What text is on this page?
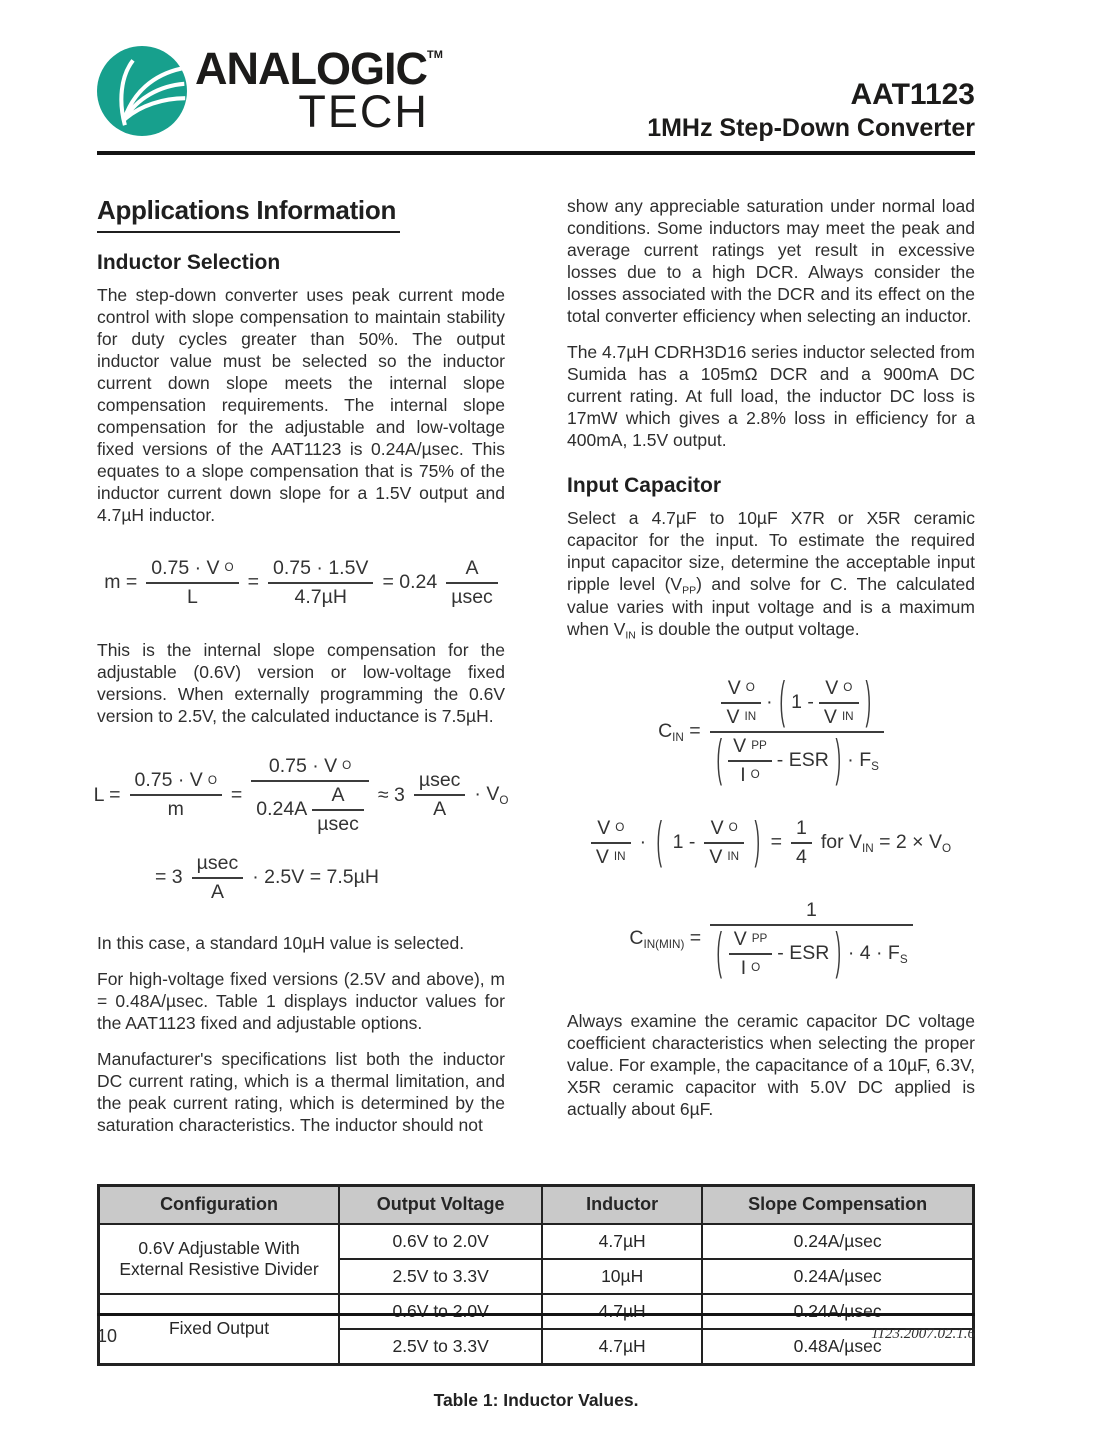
ANALOGIC™
TECH	AAT1123
1MHz Step-Down Converter
Applications Information
Inductor Selection

The step-down converter uses peak current mode control with slope compensation to maintain stability for duty cycles greater than 50%. The output inductor value must be selected so the inductor current down slope meets the internal slope compensation requirements. The internal slope compensation for the adjustable and low-voltage fixed versions of the AAT1123 is 0.24A/µsec. This equates to a slope compensation that is 75% of the inductor current down slope for a 1.5V output and 4.7µH inductor.

$m = \frac{\text{0.75 · V O}}{L} = \frac{0.75 \cdot 1.5V}{\text{4.7µH}} = 0.24 \frac{A}{\text{µsec}}$

This is the internal slope compensation for the adjustable (0.6V) version or low-voltage fixed versions. When externally programming the 0.6V version to 2.5V, the calculated inductance is 7.5µH.

$L = \frac{\text{0.75 · V O}}{m}$ =
0.75 · V O
$0.24A \frac{A}{\text{µsec}} \approx 3 \frac{\text{µsec}}{A} \cdot V_O$
= $3 \frac{\text{µsec}}{A} \cdot 2.5V = 7.5\mu H$

In this case, a standard 10µH value is selected.

For high-voltage fixed versions (2.5V and above), m = 0.48A/µsec. Table 1 displays inductor values for the AAT1123 fixed and adjustable options.

Manufacturer's specifications list both the inductor DC current rating, which is a thermal limitation, and the peak current rating, which is determined by the saturation characteristics. The inductor should not

show any appreciable saturation under normal load conditions. Some inductors may meet the peak and average current ratings yet result in excessive losses due to a high DCR. Always consider the losses associated with the DCR and its effect on the total converter efficiency when selecting an inductor.

The 4.7µH CDRH3D16 series inductor selected from Sumida has a 105mΩ DCR and a 900mA DC current rating. At full load, the inductor DC loss is 17mW which gives a 2.8% loss in efficiency for a 400mA, 1.5V output.

Input Capacitor

Select a 4.7µF to 10µF X7R or X5R ceramic capacitor for the input. To estimate the required input capacitor size, determine the acceptable input ripple level $(V_{PP})$ and solve for C. The calculated value varies with input voltage and is a maximum when $V_{IN}$ is double the output voltage.

$C_{IN}$ =
$\frac{\text{V O}}{\text{V IN}}$ · ( $1 - \frac{\text{V O}}{\text{V IN}}$ )
( $\frac{\text{V PP}}{\text{I O}}$ - ESR ) · $F_S$
$\frac{\text{V O}}{\text{V IN}}$ · ( $1 - \frac{\text{V O}}{\text{V IN}}$ ) = $\frac{1}{4}$ for $V_{IN} = 2 \times V_O$
$C_{IN(MIN)}$ =
1
( $\frac{\text{V PP}}{\text{I O}}$ - ESR ) · $4 \cdot F_S$

Always examine the ceramic capacitor DC voltage coefficient characteristics when selecting the proper value. For example, the capacitance of a 10µF, 6.3V, X5R ceramic capacitor with 5.0V DC applied is actually about 6µF.

Configuration	Output Voltage	Inductor	Slope Compensation
0.6V Adjustable With External Resistive Divider	0.6V to 2.0V	4.7µH	0.24A/µsec
	2.5V to 3.3V	10µH	0.24A/µsec
Fixed Output	0.6V to 2.0V	4.7µH	0.24A/µsec
	2.5V to 3.3V	4.7µH	0.48A/µsec
Table 1: Inductor Values.
10	1123.2007.02.1.6
